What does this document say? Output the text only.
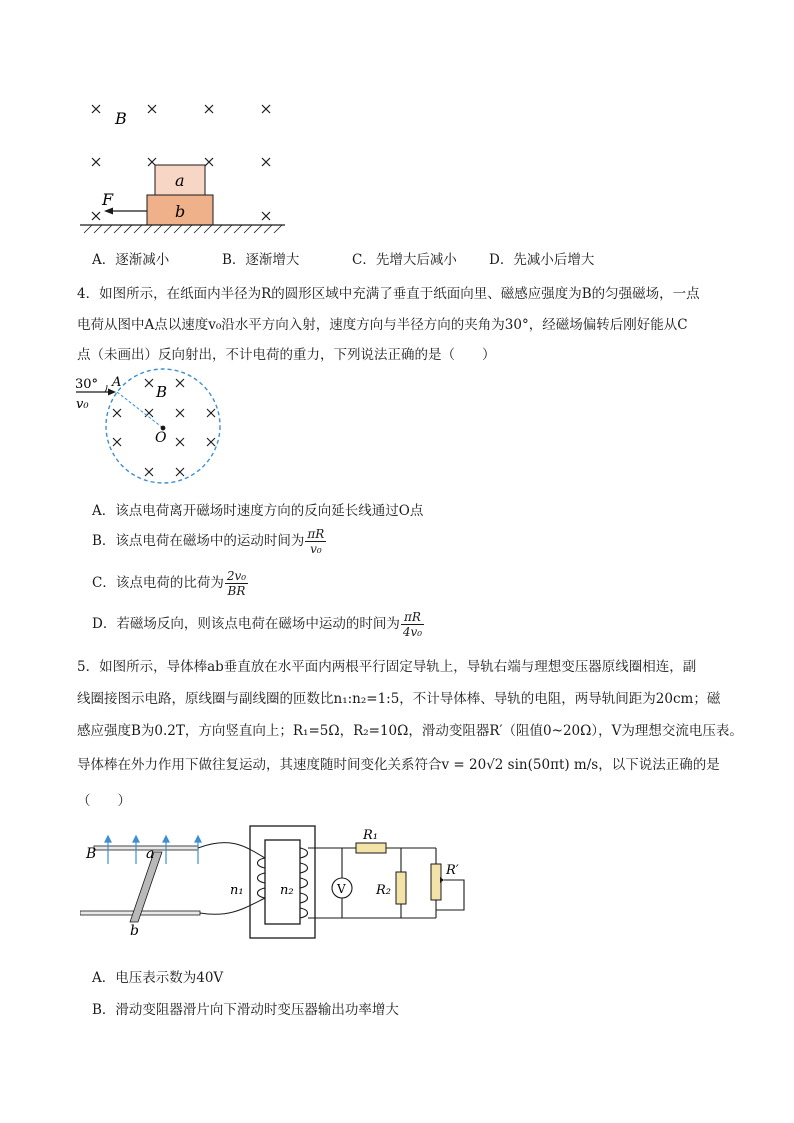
B
a
b
F
A．逐渐减小	B．逐渐增大	C．先增大后减小 D．先减小后增大
4．如图所示，在纸面内半径为R的圆形区域中充满了垂直于纸面向里、磁感应强度为B的匀强磁场，一点
电荷从图中A点以速度v₀沿水平方向入射，速度方向与半径方向的夹角为30°，经磁场偏转后刚好能从C
点（未画出）反向射出，不计电荷的重力，下列说法正确的是（　　）
30° A
B
O
v₀
A．该点电荷离开磁场时速度方向的反向延长线通过O点
B．该点电荷在磁场中的运动时间为 $\frac{\pi R}{\text{v₀}}$
C．该点电荷的比荷为 $\frac{\text{2v₀}}{BR}$
D．若磁场反向，则该点电荷在磁场中运动的时间为 $\frac{\pi R}{\text{4v₀}}$
5．如图所示，导体棒ab垂直放在水平面内两根平行固定导轨上，导轨右端与理想变压器原线圈相连，副
线圈接图示电路，原线圈与副线圈的匝数比n₁:n₂=1:5，不计导体棒、导轨的电阻，两导轨间距为20cm；磁
感应强度B为0.2T，方向竖直向上；R₁=5Ω，R₂=10Ω，滑动变阻器R′（阻值0~20Ω），V为理想交流电压表。
导体棒在外力作用下做往复运动，其速度随时间变化关系符合v = 20√2 sin(50πt) m/s，以下说法正确的是
（　　）
V
B	a
b
n₁	n₂
R₁
R₂
R′
A．电压表示数为40V
B．滑动变阻器滑片向下滑动时变压器输出功率增大
